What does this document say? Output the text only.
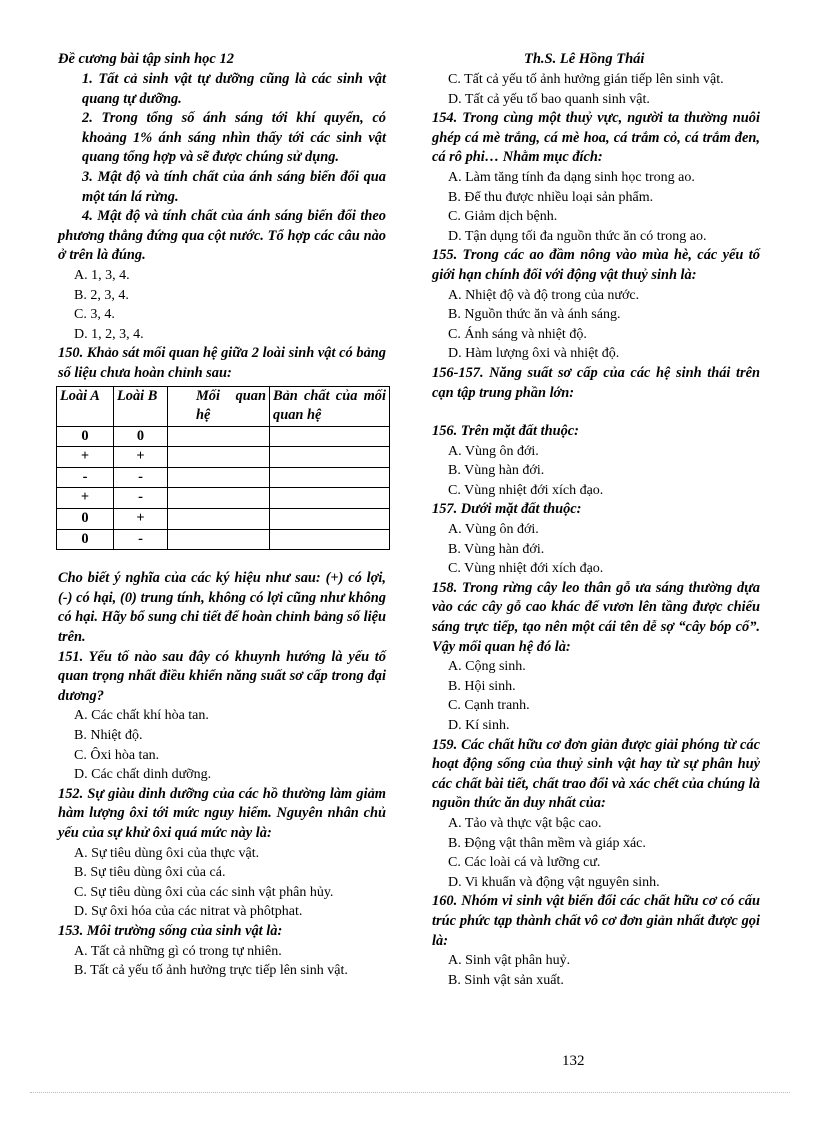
Đề cương bài tập sinh học 12	Th.S. Lê Hồng Thái
1. Tất cả sinh vật tự dưỡng cũng là các sinh vật quang tự dưỡng.
2. Trong tổng số ánh sáng tới khí quyển, có khoảng 1% ánh sáng nhìn thấy tới các sinh vật quang tổng hợp và sẽ được chúng sử dụng.
3. Mật độ và tính chất của ánh sáng biến đổi qua một tán lá rừng.
4. Mật độ và tính chất của ánh sáng biến đổi theo phương thẳng đứng qua cột nước. Tổ hợp các câu nào ở trên là đúng.
A. 1, 3, 4.
B. 2, 3, 4.
C. 3, 4.
D. 1, 2, 3, 4.
150. Khảo sát mối quan hệ giữa 2 loài sinh vật có bảng số liệu chưa hoàn chỉnh sau:
Loài A	Loài B	Mối quan hệ	Bản chất của mối quan hệ
0	0		
+	+		
-	-		
+	-		
0	+		
0	-		
Cho biết ý nghĩa của các ký hiệu như sau: (+) có lợi, (-) có hại, (0) trung tính, không có lợi cũng như không có hại. Hãy bổ sung chi tiết để hoàn chỉnh bảng số liệu trên.
151. Yếu tố nào sau đây có khuynh hướng là yếu tố quan trọng nhất điều khiển năng suất sơ cấp trong đại dương?
A. Các chất khí hòa tan.
B. Nhiệt độ.
C. Ôxi hòa tan.
D. Các chất dinh dưỡng.
152. Sự giàu dinh dưỡng của các hồ thường làm giảm hàm lượng ôxi tới mức nguy hiểm. Nguyên nhân chủ yếu của sự khử ôxi quá mức này là:
A. Sự tiêu dùng ôxi của thực vật.
B. Sự tiêu dùng ôxi của cá.
C. Sự tiêu dùng ôxi của các sinh vật phân hủy.
D. Sự ôxi hóa của các nitrat và phôtphat.
153. Môi trường sống của sinh vật là:
A. Tất cả những gì có trong tự nhiên.
B. Tất cả yếu tố ảnh hưởng trực tiếp lên sinh vật.
C. Tất cả yếu tố ảnh hưởng gián tiếp lên sinh vật.
D. Tất cả yếu tố bao quanh sinh vật.
154. Trong cùng một thuỷ vực, người ta thường nuôi ghép cá mè trắng, cá mè hoa, cá trắm cỏ, cá trắm đen, cá rô phi… Nhằm mục đích:
A. Làm tăng tính đa dạng sinh học trong ao.
B. Để thu được nhiều loại sản phẩm.
C. Giảm dịch bệnh.
D. Tận dụng tối đa nguồn thức ăn có trong ao.
155. Trong các ao đầm nông vào mùa hè, các yếu tố giới hạn chính đối với động vật thuỷ sinh là:
A. Nhiệt độ và độ trong của nước.
B. Nguồn thức ăn và ánh sáng.
C. Ánh sáng và nhiệt độ.
D. Hàm lượng ôxi và nhiệt độ.
156-157. Năng suất sơ cấp của các hệ sinh thái trên cạn tập trung phần lớn:
156. Trên mặt đất thuộc:
A. Vùng ôn đới.
B. Vùng hàn đới.
C. Vùng nhiệt đới xích đạo.
157. Dưới mặt đất thuộc:
A. Vùng ôn đới.
B. Vùng hàn đới.
C. Vùng nhiệt đới xích đạo.
158. Trong rừng cây leo thân gỗ ưa sáng thường dựa vào các cây gỗ cao khác để vươn lên tầng được chiếu sáng trực tiếp, tạo nên một cái tên dễ sợ “cây bóp cổ”. Vậy mối quan hệ đó là:
A. Cộng sinh.
B. Hội sinh.
C. Cạnh tranh.
D. Kí sinh.
159. Các chất hữu cơ đơn giản được giải phóng từ các hoạt động sống của thuỷ sinh vật hay từ sự phân huỷ các chất bài tiết, chất trao đổi và xác chết của chúng là nguồn thức ăn duy nhất của:
A. Tảo và thực vật bậc cao.
B. Động vật thân mềm và giáp xác.
C. Các loài cá và lưỡng cư.
D. Vi khuẩn và động vật nguyên sinh.
160. Nhóm vi sinh vật biến đổi các chất hữu cơ có cấu trúc phức tạp thành chất vô cơ đơn giản nhất được gọi là:
A. Sinh vật phân huỷ.
B. Sinh vật sản xuất.
132
